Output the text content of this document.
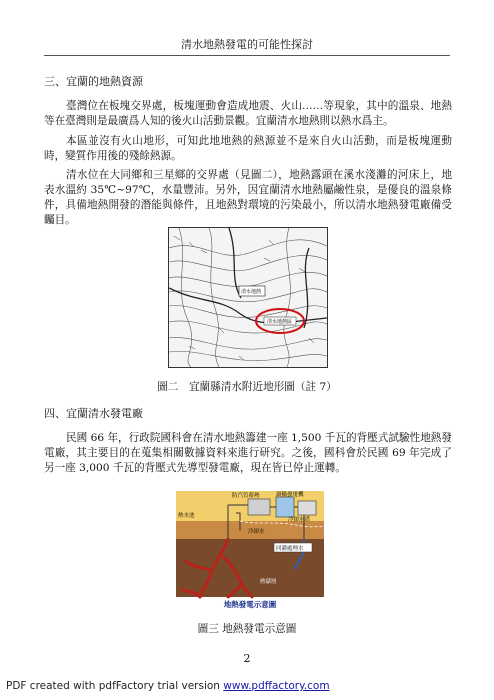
清水地熱發電的可能性探討
三、宜蘭的地熱資源
臺灣位在板塊交界處，板塊運動會造成地震、火山……等現象，其中的溫泉、地熱等在臺灣則是最廣爲人知的後火山活動景觀。宜蘭清水地熱則以熱水爲主。
本區並沒有火山地形，可知此地地熱的熱源並不是來自火山活動，而是板塊運動時，變質作用後的殘餘熱源。
清水位在大同鄉和三星鄉的交界處（見圖二），地熱露頭在溪水淺灘的河床上，地表水溫約 35℃~97℃，水量豐沛。另外，因宜蘭清水地熱屬鹼性泉，是優良的溫泉條件，具備地熱開發的潛能與條件，且地熱對環境的污染最小，所以清水地熱發電廠備受矚目。
清水地熱
清水地熱區
圖二　宜蘭縣清水附近地形圖（註 7）
四、宜蘭清水發電廠
民國 66 年，行政院國科會在清水地熱籌建一座 1,500 千瓦的背壓式試驗性地熱發電廠，其主要目的在蒐集相關數據資料來進行研究。之後，國科會於民國 69 年完成了另一座 3,000 千瓦的背壓式先導型發電廠，現在皆已停止運轉。
防汽管蓄熱	渦輪發電機
冷卻水塔
熱水池
冷卻水
回灌處理水
熱儲層
地熱發電示意圖
圖三 地熱發電示意圖
2
PDF created with pdfFactory trial version www.pdffactory.com
